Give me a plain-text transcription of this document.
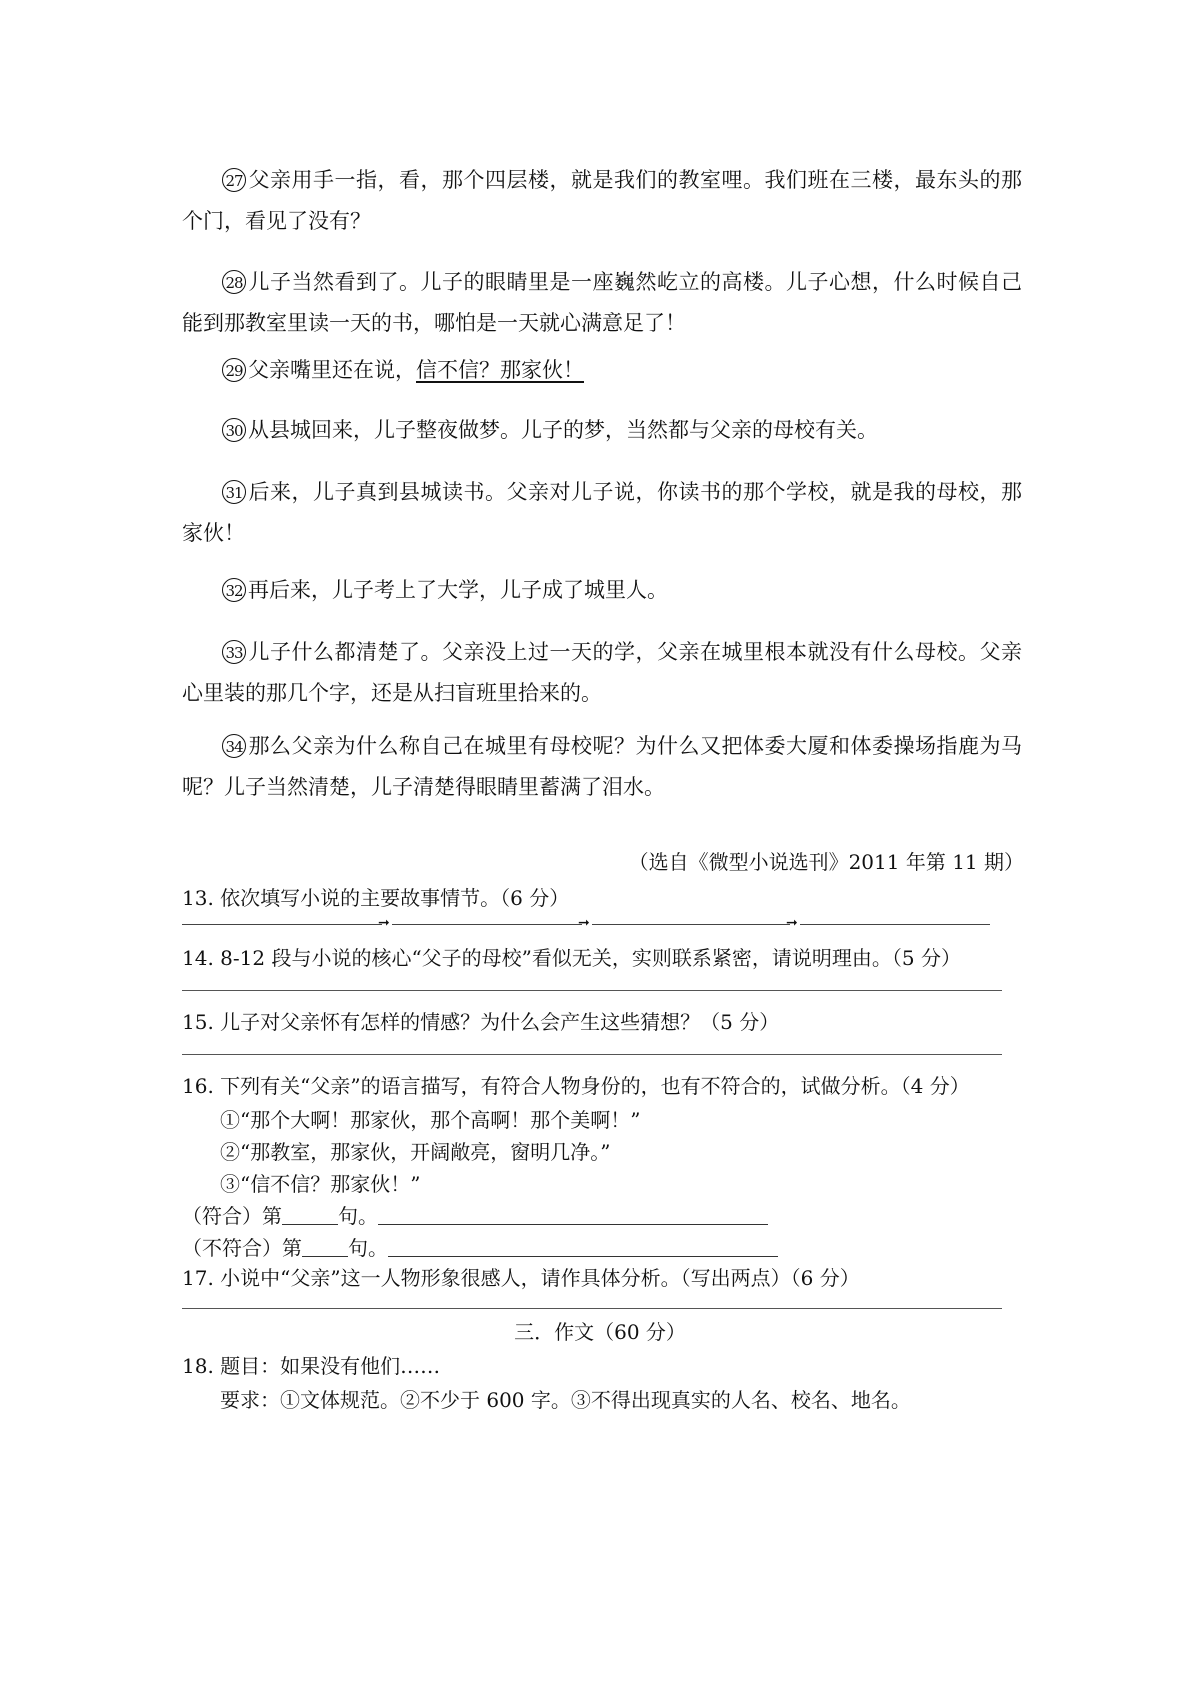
27 父亲用手一指，看，那个四层楼，就是我们的教室哩。我们班在三楼，最东头的那个门，看见了没有？

28 儿子当然看到了。儿子的眼睛里是一座巍然屹立的高楼。儿子心想，什么时候自己能到那教室里读一天的书，哪怕是一天就心满意足了！

29 父亲嘴里还在说，信不信？那家伙！

30 从县城回来，儿子整夜做梦。儿子的梦，当然都与父亲的母校有关。

31 后来，儿子真到县城读书。父亲对儿子说，你读书的那个学校，就是我的母校，那家伙！

32 再后来，儿子考上了大学，儿子成了城里人。

33 儿子什么都清楚了。父亲没上过一天的学，父亲在城里根本就没有什么母校。父亲心里装的那几个字，还是从扫盲班里拾来的。

34 那么父亲为什么称自己在城里有母校呢？为什么又把体委大厦和体委操场指鹿为马呢？儿子当然清楚，儿子清楚得眼睛里蓄满了泪水。

（选自《微型小说选刊》2011 年第 11 期）

13. 依次填写小说的主要故事情节。（6 分）

➞	➞	➞

14. 8-12 段与小说的核心“父子的母校”看似无关，实则联系紧密，请说明理由。（5 分）

15. 儿子对父亲怀有怎样的情感？为什么会产生这些猜想？（5 分）

16. 下列有关“父亲”的语言描写，有符合人物身份的，也有不符合的，试做分析。（4 分）

①“那个大啊！那家伙，那个高啊！那个美啊！”

②“那教室，那家伙，开阔敞亮，窗明几净。”

③“信不信？那家伙！”

（符合）第	句。

（不符合）第 句。

17. 小说中“父亲”这一人物形象很感人，请作具体分析。（写出两点）（6 分）

三．作文（60 分）

18. 题目：如果没有他们……

要求：①文体规范。②不少于 600 字。③不得出现真实的人名、校名、地名。
